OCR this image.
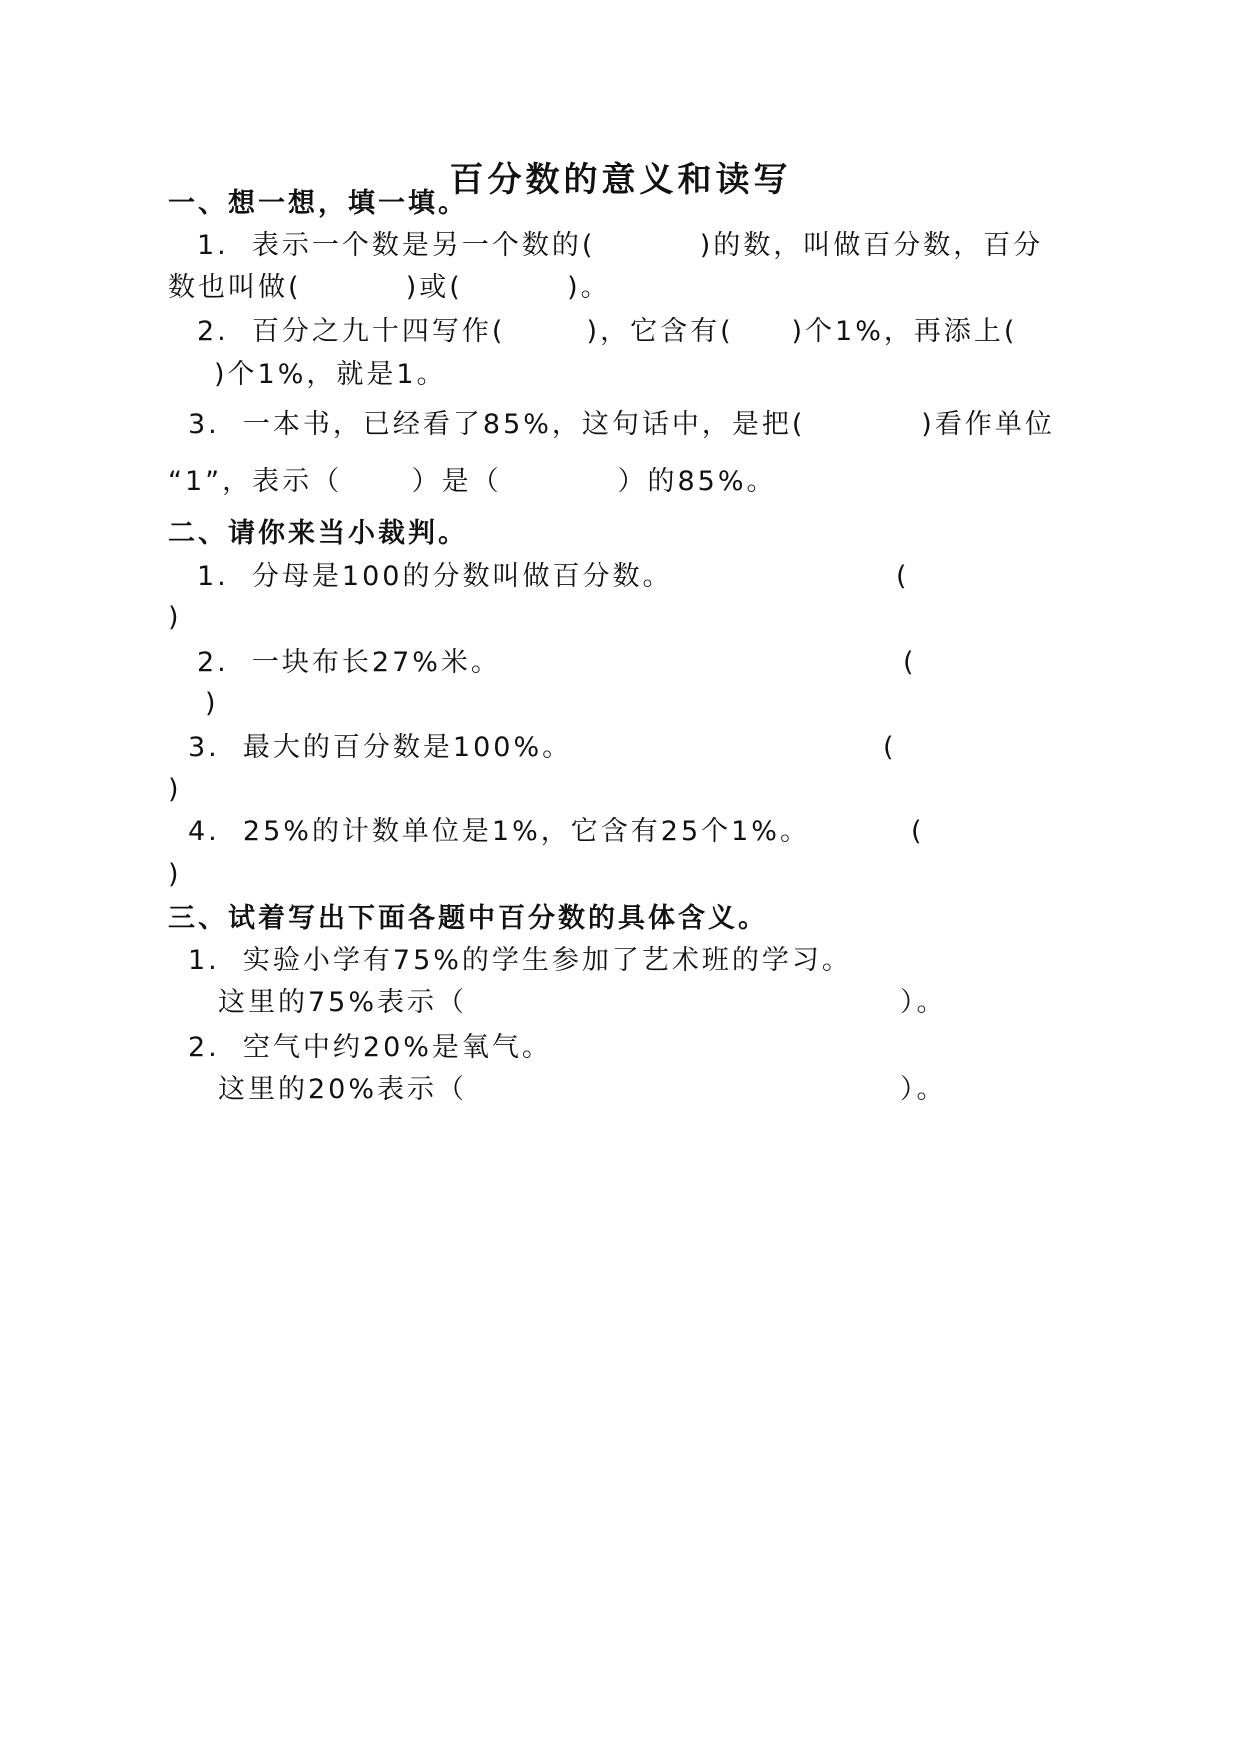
百分数的意义和读写
一、想一想，填一填。
1.  表示一个数是另一个数的(         )的数，叫做百分数，百分
数也叫做(         )或(         )。
2.  百分之九十四写作(       )，它含有(     )个1%，再添上(
)个1%，就是1。
3.  一本书，已经看了85%，这句话中，是把(          )看作单位
“1”，表示（      ）是（          ）的85%。
二、请你来当小裁判。
1.  分母是100的分数叫做百分数。	(
)
2.  一块布长27%米。	(
)
3.  最大的百分数是100%。	(
)
4.  25%的计数单位是1%，它含有25个1%。	(
)
三、试着写出下面各题中百分数的具体含义。
1.  实验小学有75%的学生参加了艺术班的学习。
这里的75%表示（	）。
2.  空气中约20%是氧气。
这里的20%表示（	）。
